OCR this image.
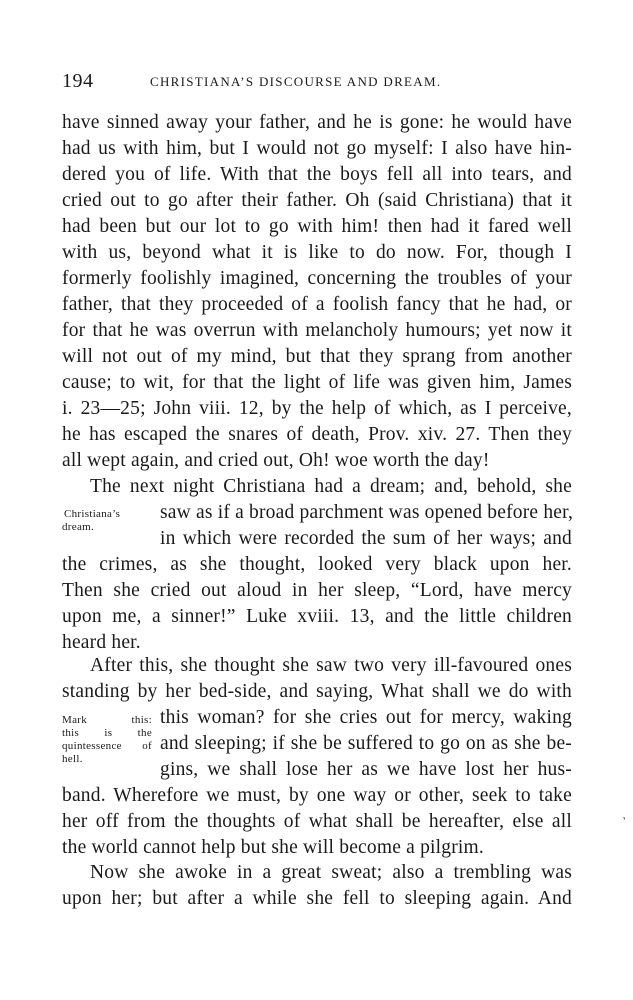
194	CHRISTIANA’S DISCOURSE AND DREAM.
have sinned away your father, and he is gone: he would have
had us with him, but I would not go myself: I also have hin-
dered you of life. With that the boys fell all into tears, and
cried out to go after their father. Oh (said Christiana) that it
had been but our lot to go with him! then had it fared well
with us, beyond what it is like to do now. For, though I
formerly foolishly imagined, concerning the troubles of your
father, that they proceeded of a foolish fancy that he had, or
for that he was overrun with melancholy humours; yet now it
will not out of my mind, but that they sprang from another
cause; to wit, for that the light of life was given him, James
i. 23—25; John viii. 12, by the help of which, as I perceive,
he has escaped the snares of death, Prov. xiv. 27. Then they
all wept again, and cried out, Oh! woe worth the day!
The next night Christiana had a dream; and, behold, she
saw as if a broad parchment was opened before her,
in which were recorded the sum of her ways; and
the crimes, as she thought, looked very black upon her.
Then she cried out aloud in her sleep, “Lord, have mercy
upon me, a sinner!” Luke xviii. 13, and the little children
heard her.
Christiana’s
dream.
After this, she thought she saw two very ill-favoured ones
standing by her bed-side, and saying, What shall we do with
this woman? for she cries out for mercy, waking
and sleeping; if she be suffered to go on as she be-
gins, we shall lose her as we have lost her hus-
band. Wherefore we must, by one way or other, seek to take
her off from the thoughts of what shall be hereafter, else all
the world cannot help but she will become a pilgrim.
Mark this:
this is the
quintessence of
hell.
Now she awoke in a great sweat; also a trembling was
upon her; but after a while she fell to sleeping again. And
ʼ
